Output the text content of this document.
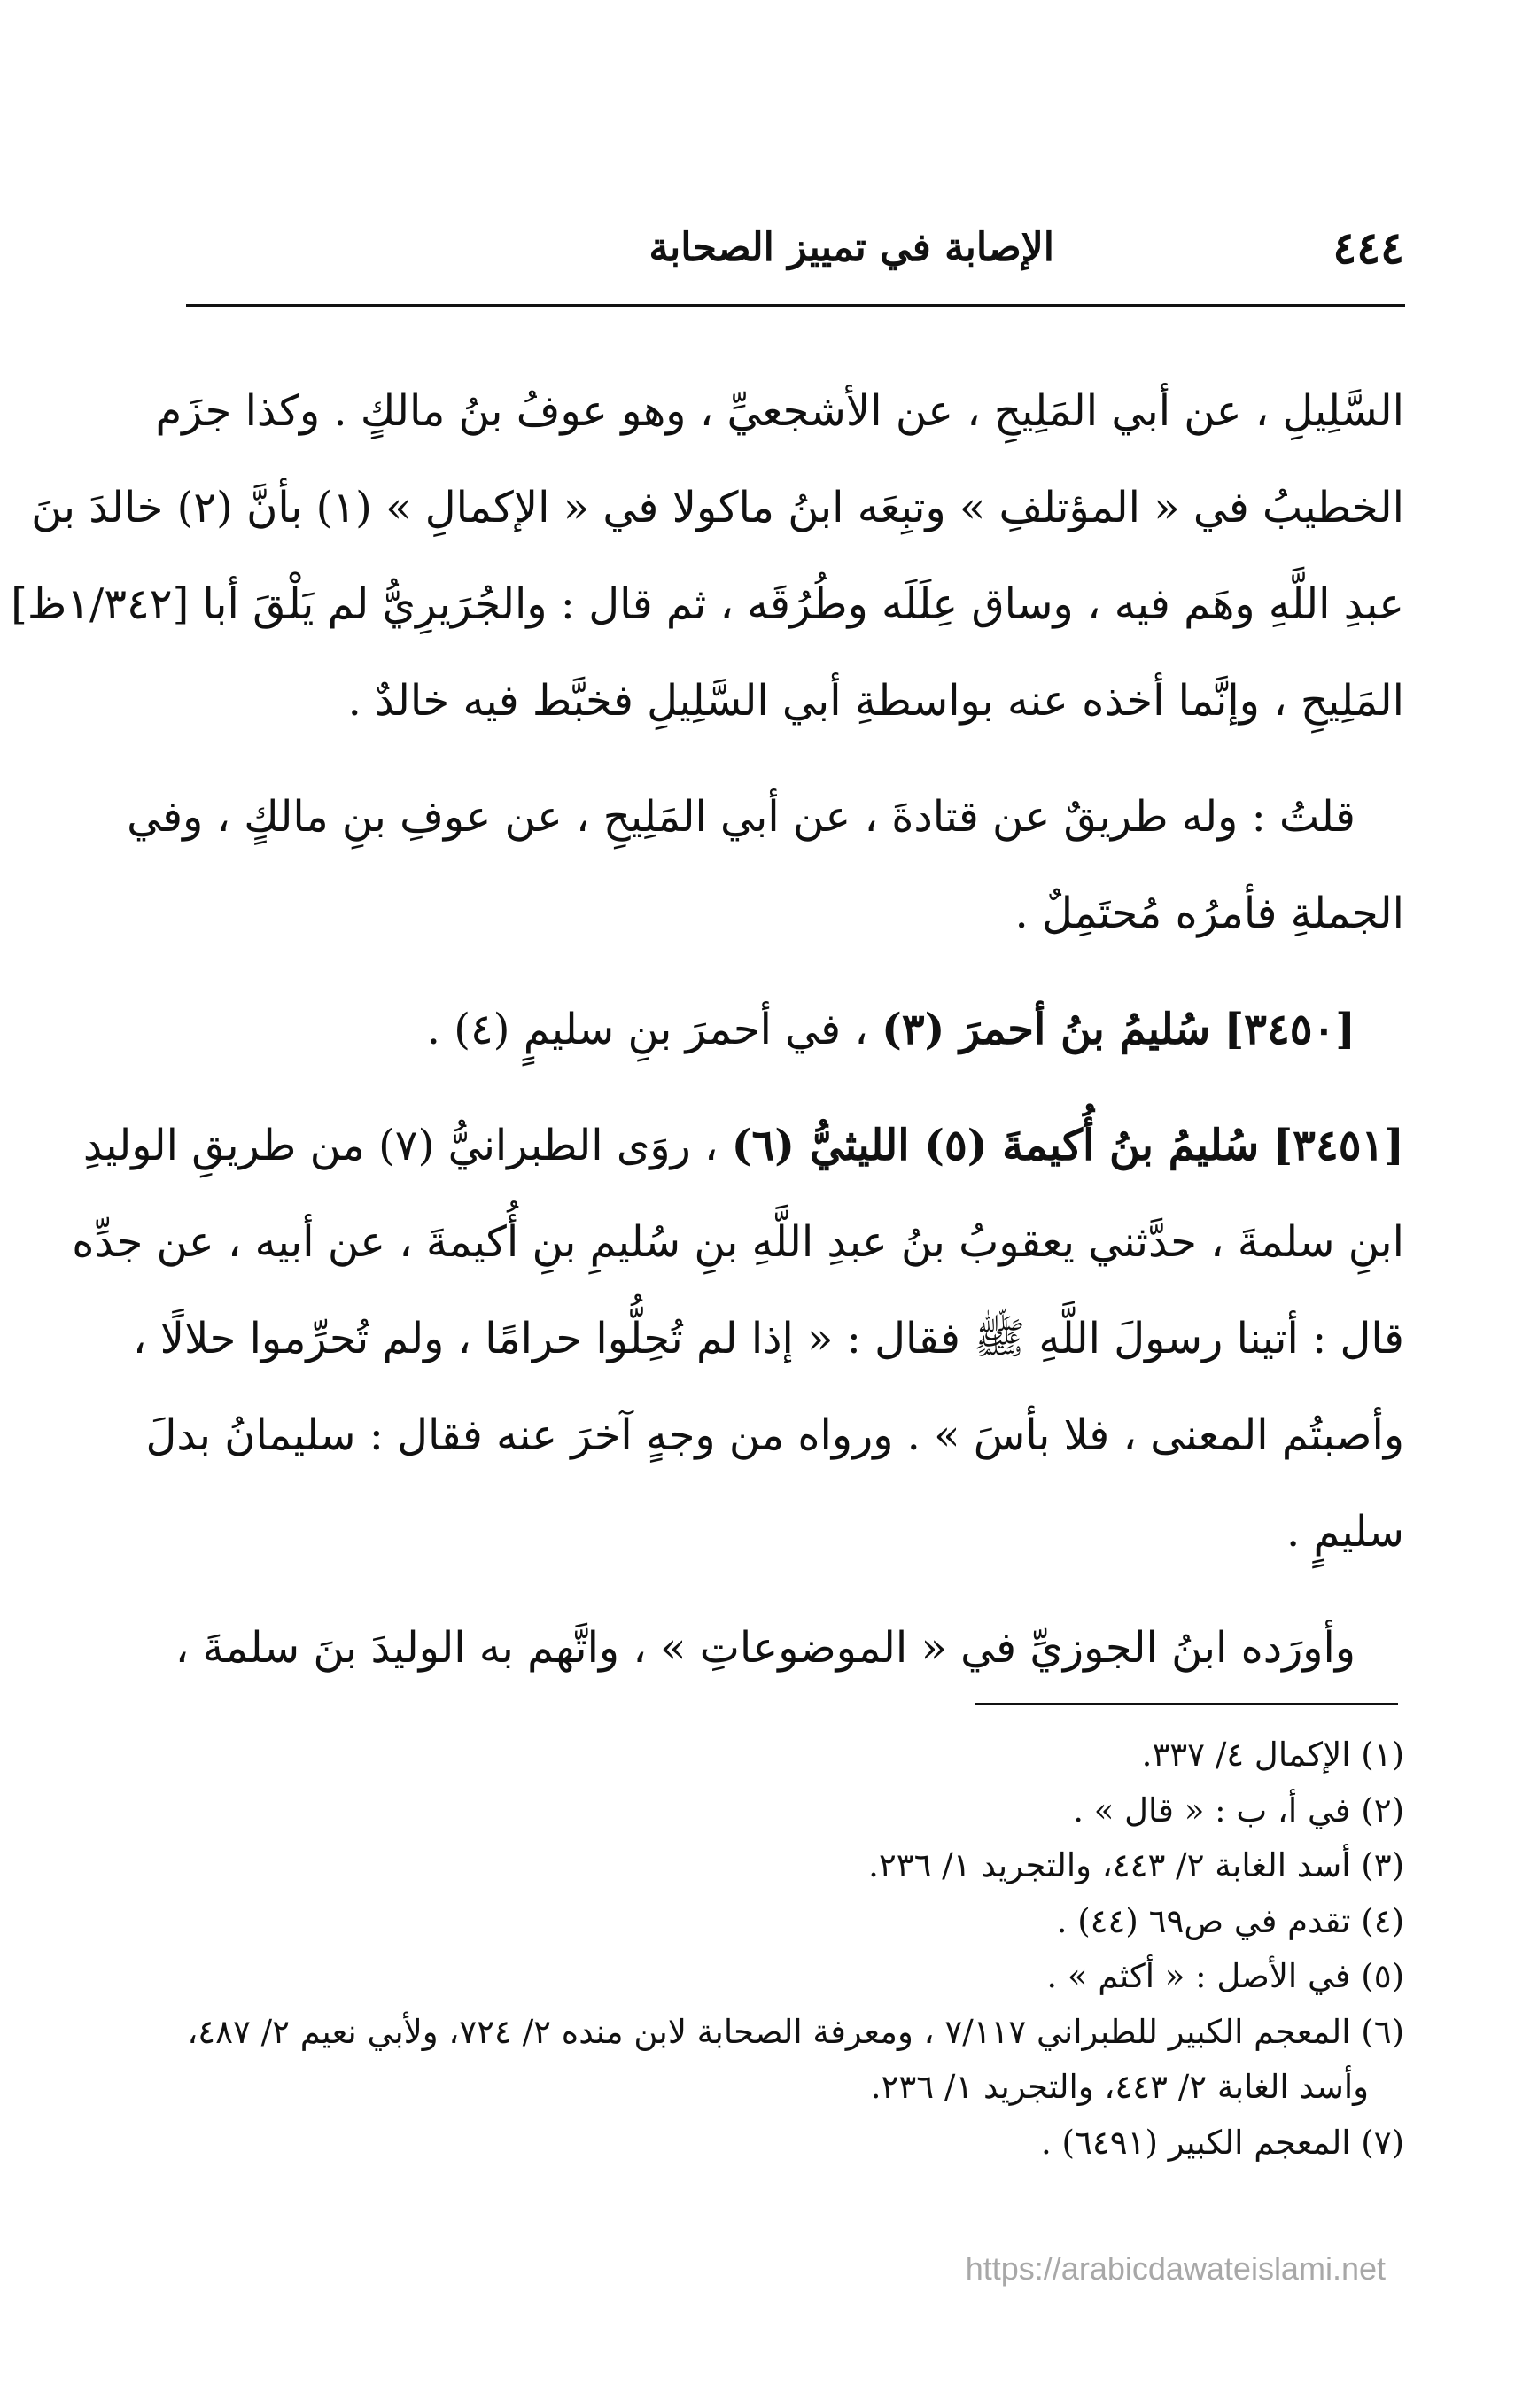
٤٤٤
الإصابة في تمييز الصحابة
السَّلِيلِ ، عن أبي المَلِيحِ ، عن الأشجعيِّ ، وهو عوفُ بنُ مالكٍ . وكذا جزَم
الخطيبُ في « المؤتلفِ » وتبِعَه ابنُ ماكولا في « الإكمالِ » (١) بأنَّ (٢) خالدَ بنَ
عبدِ اللَّهِ وهَم فيه ، وساق عِلَلَه وطُرُقَه ، ثم قال : والجُرَيرِيُّ لم يَلْقَ أبا [١/٣٤٢ظ]
المَلِيحِ ، وإنَّما أخذه عنه بواسطةِ أبي السَّلِيلِ فخبَّط فيه خالدٌ .
قلتُ : وله طريقٌ عن قتادةَ ، عن أبي المَلِيحِ ، عن عوفِ بنِ مالكٍ ، وفي
الجملةِ فأمرُه مُحتَمِلٌ .
[٣٤٥٠] سُليمُ بنُ أحمرَ (٣) ، في أحمرَ بنِ سليمٍ (٤) .
[٣٤٥١] سُليمُ بنُ أُكيمةَ (٥) الليثيُّ (٦) ، روَى الطبرانيُّ (٧) من طريقِ الوليدِ
ابنِ سلمةَ ، حدَّثني يعقوبُ بنُ عبدِ اللَّهِ بنِ سُليمِ بنِ أُكيمةَ ، عن أبيه ، عن جدِّه
قال : أتينا رسولَ اللَّهِ ﷺ فقال : « إذا لم تُحِلُّوا حرامًا ، ولم تُحرِّموا حلالًا ،
وأصبتُم المعنى ، فلا بأسَ » . ورواه من وجهٍ آخرَ عنه فقال : سليمانُ بدلَ
سليمٍ .
وأورَده ابنُ الجوزيِّ في « الموضوعاتِ » ، واتَّهم به الوليدَ بنَ سلمةَ ،
(١) الإكمال ٤/ ٣٣٧.
(٢) في أ، ب : « قال » .
(٣) أسد الغابة ٢/ ٤٤٣، والتجريد ١/ ٢٣٦.
(٤) تقدم في ص٦٩ (٤٤) .
(٥) في الأصل : « أكثم » .
(٦) المعجم الكبير للطبراني ٧/١١٧ ، ومعرفة الصحابة لابن منده ٢/ ٧٢٤، ولأبي نعيم ٢/ ٤٨٧،
وأسد الغابة ٢/ ٤٤٣، والتجريد ١/ ٢٣٦.
(٧) المعجم الكبير (٦٤٩١) .
https://arabicdawateislami.net
